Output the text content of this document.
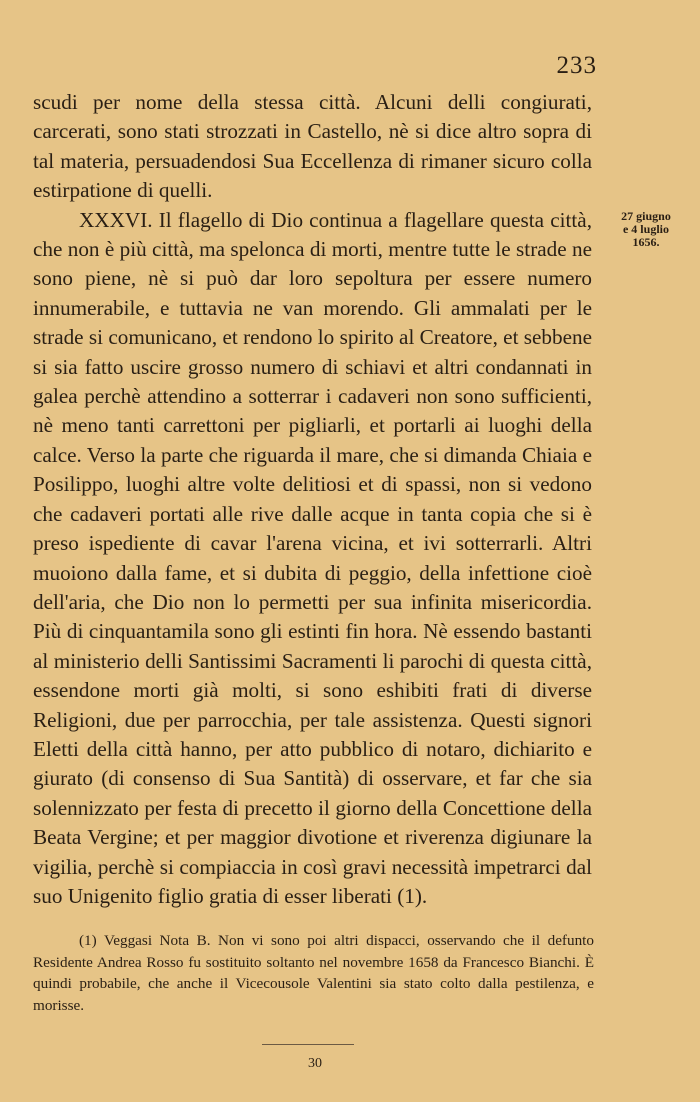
233

scudi per nome della stessa città. Alcuni delli congiurati, carcerati, sono stati strozzati in Castello, nè si dice altro sopra di tal materia, persuadendosi Sua Eccellenza di rimaner sicuro colla estirpatione di quelli.

XXXVI. Il flagello di Dio continua a flagellare questa città, che non è più città, ma spelonca di morti, mentre tutte le strade ne sono piene, nè si può dar loro sepoltura per essere numero innumerabile, e tuttavia ne van morendo. Gli ammalati per le strade si comunicano, et rendono lo spirito al Creatore, et sebbene si sia fatto uscire grosso numero di schiavi et altri condannati in galea perchè attendino a sotterrar i cadaveri non sono sufficienti, nè meno tanti carrettoni per pigliarli, et portarli ai luoghi della calce. Verso la parte che riguarda il mare, che si dimanda Chiaia e Posilippo, luoghi altre volte delitiosi et di spassi, non si vedono che cadaveri portati alle rive dalle acque in tanta copia che si è preso ispediente di cavar l'arena vicina, et ivi sotterrarli. Altri muoiono dalla fame, et si dubita di peggio, della infettione cioè dell'aria, che Dio non lo permetti per sua infinita misericordia. Più di cinquantamila sono gli estinti fin hora. Nè essendo bastanti al ministerio delli Santissimi Sacramenti li parochi di questa città, essendone morti già molti, si sono eshibiti frati di diverse Religioni, due per parrocchia, per tale assistenza. Questi signori Eletti della città hanno, per atto pubblico di notaro, dichiarito e giurato (di consenso di Sua Santità) di osservare, et far che sia solennizzato per festa di precetto il giorno della Concettione della Beata Vergine; et per maggior divotione et riverenza digiunare la vigilia, perchè si compiaccia in così gravi necessità impetrarci dal suo Unigenito figlio gratia di esser liberati (1).

27 giugno
e 4 luglio
1656.

(1) Veggasi Nota B. Non vi sono poi altri dispacci, osservando che il defunto Residente Andrea Rosso fu sostituito soltanto nel novembre 1658 da Francesco Bianchi. È quindi probabile, che anche il Vicecousole Valentini sia stato colto dalla pestilenza, e morisse.

30
